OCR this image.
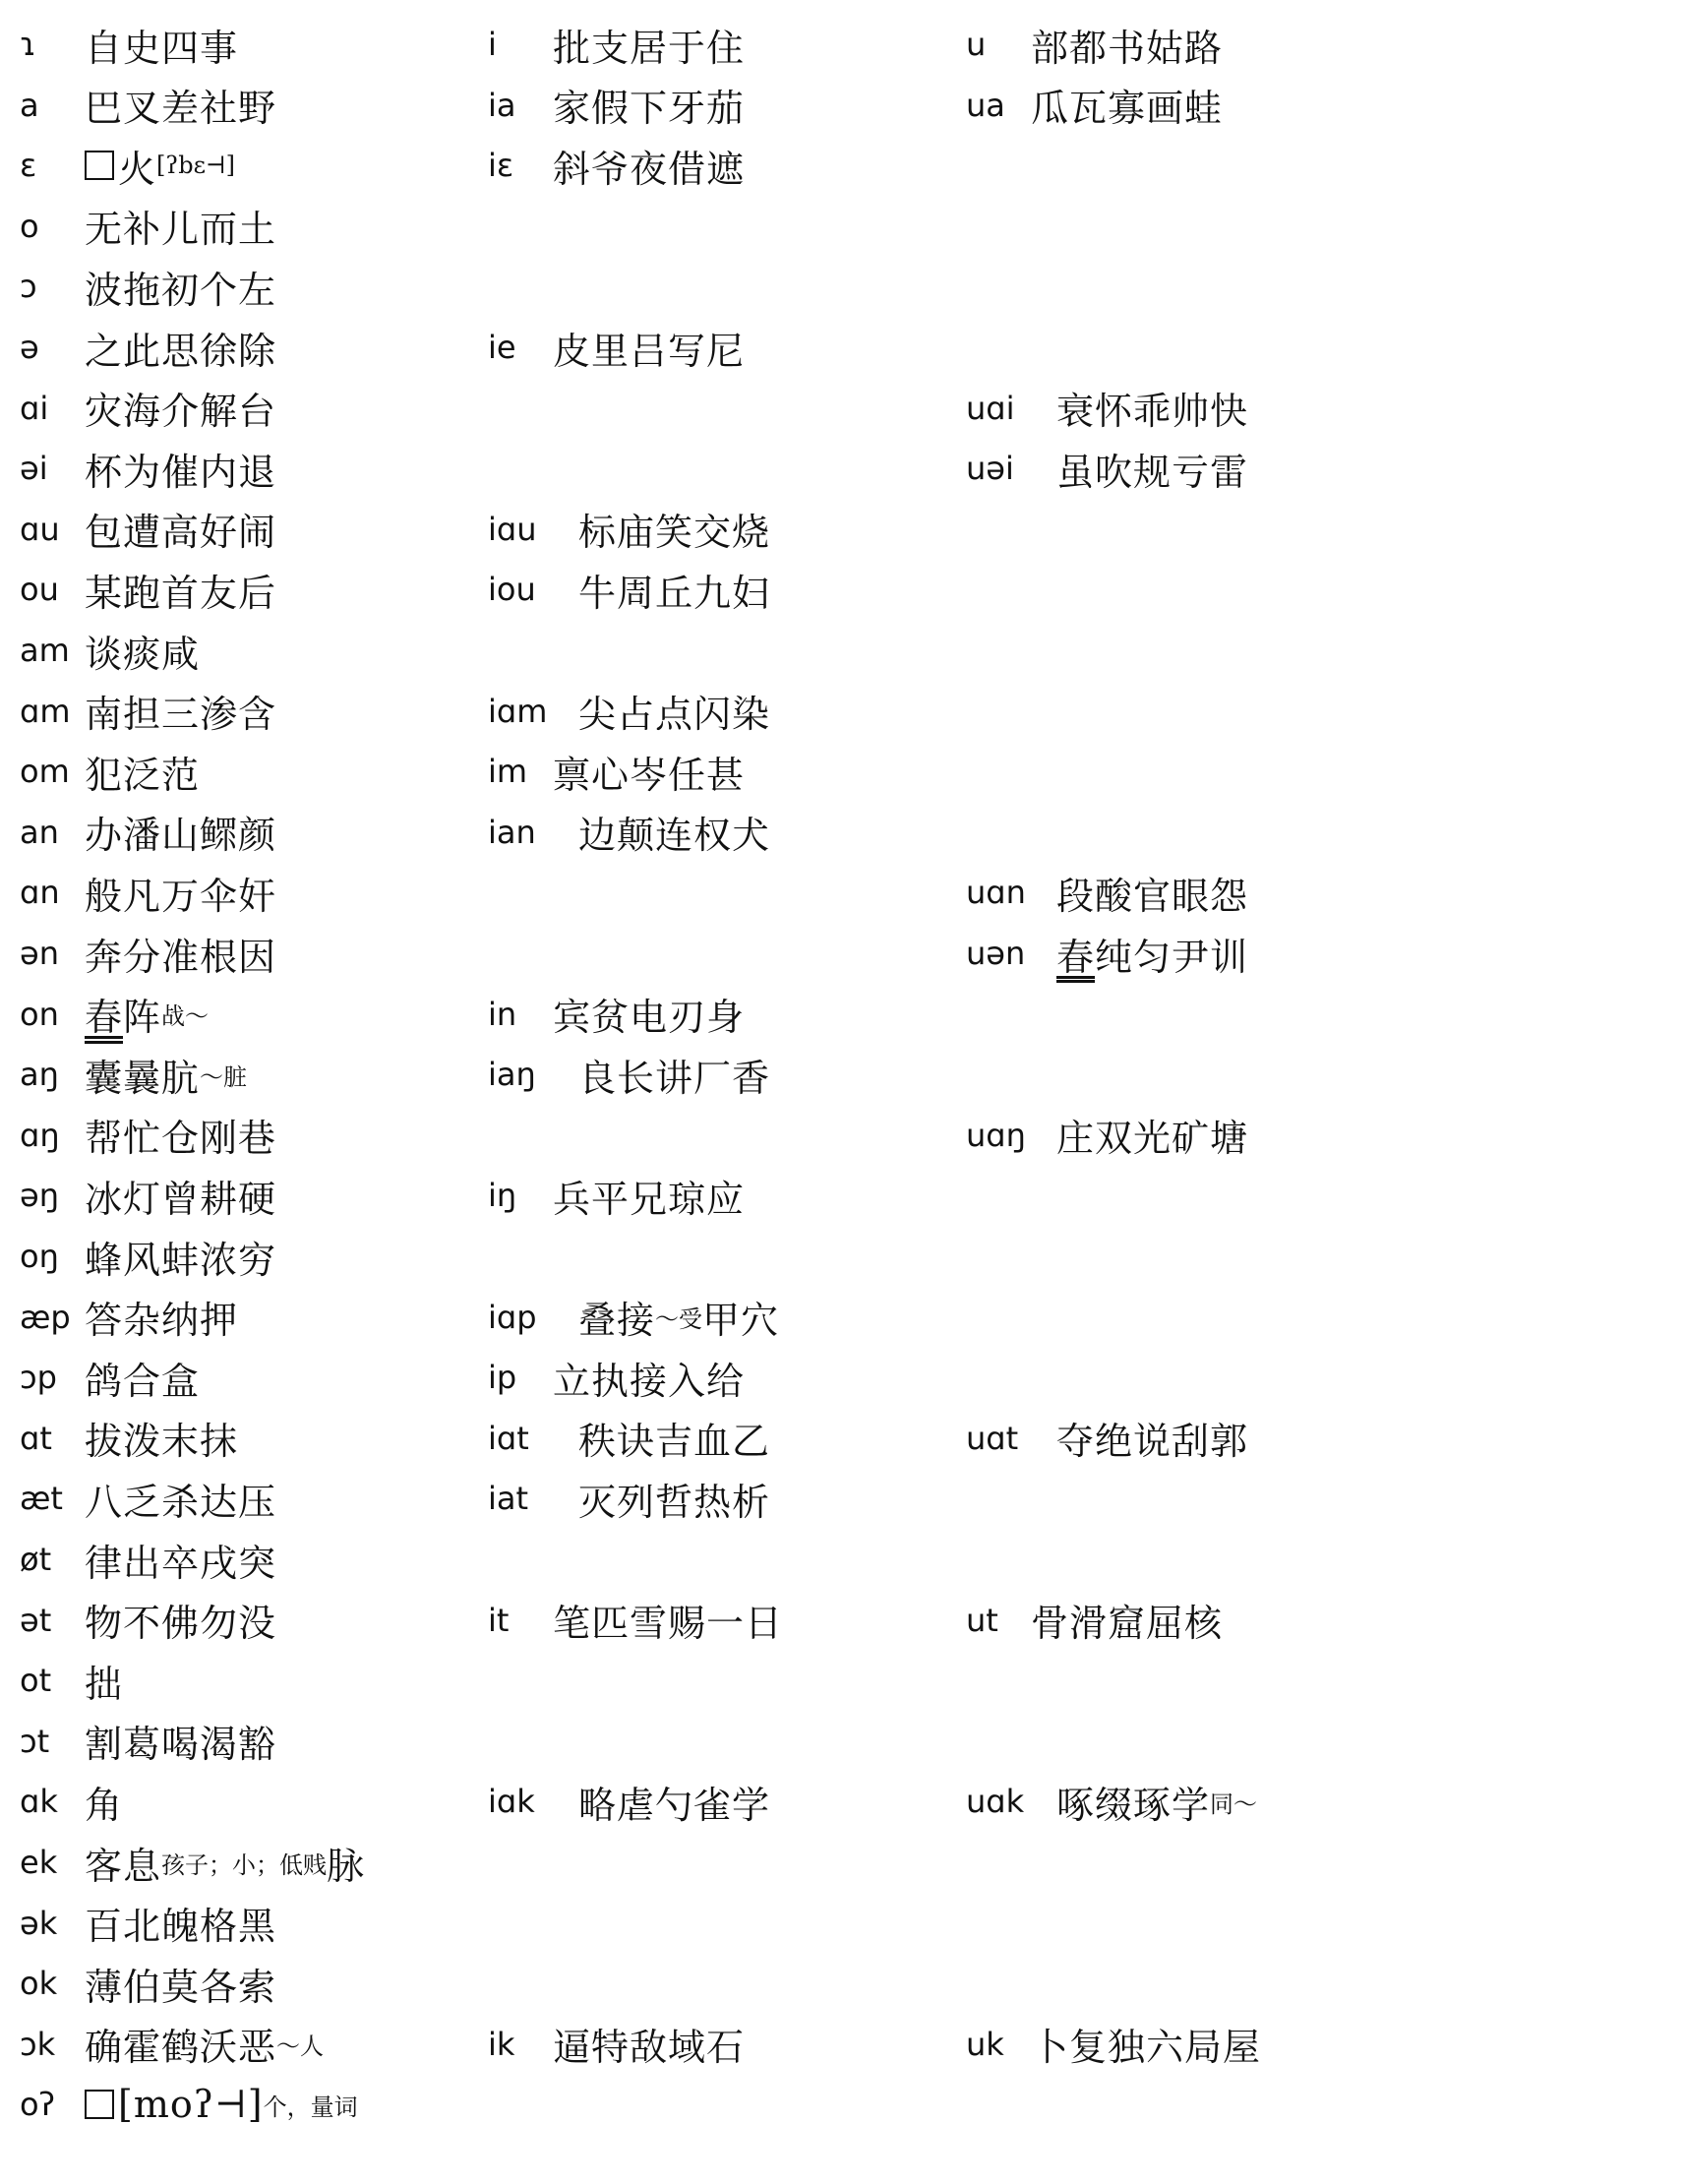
ɿ	自史四事	i	批支居于住	u	部都书姑路
a	巴叉差社野	ia 家假下牙茄	ua 瓜瓦寡画蛙
ɛ	火 [ʔbɛ⊣]	iɛ	斜爷夜借遮
o	无补儿而土
ɔ	波拖初个左
ə	之此思徐除	ie 皮里吕写尼
ɑi 灾海介解台	uɑi	衰怀乖帅快
əi 杯为催内退	uəi	虽吹规亏雷
ɑu 包遭高好闹	iɑu	标庙笑交烧
ou 某跑首友后	iou	牛周丘九妇
am 谈痰咸
ɑm 南担三渗含	iɑm 尖占点闪染
om 犯泛范	im 禀心岑任甚
an 办潘山鳏颜	ian	边颠连权犬
ɑn 般凡万伞奸	uɑn 段酸官眼怨
ən 奔分准根因	uən 春 纯匀尹训
on 春 阵 战～	in 宾贫电刃身
aŋ 囊曩肮 ～脏	iaŋ	良长讲厂香
ɑŋ 帮忙仓刚巷	uɑŋ 庄双光矿塘
əŋ 冰灯曾耕硬	iŋ 兵平兄琼应
oŋ 蜂风蚌浓穷
æp 答杂纳押	iɑp	叠接 ～受 甲穴
ɔp 鸽合盒	ip 立执接入给
ɑt 拔泼末抹	iɑt	秩诀吉血乙	uɑt	夺绝说刮郭
æt 八乏杀达压	iat	灭列哲热析
øt 律出卒戌突
ət 物不佛勿没	it	笔匹雪赐一日	ut 骨滑窟屈核
ot 拙
ɔt 割葛喝渴豁
ɑk 角	iɑk	略虐勺雀学	uɑk 啄缀琢学 同～
ek 客息 孩子；小；低贱 脉
ək 百北魄格黑
ok 薄伯莫各索
ɔk 确霍鹤沃恶 ～人	ik	逼特敌域石	uk 卜复独六局屋
oʔ	[moʔ⊣] 个，量词
